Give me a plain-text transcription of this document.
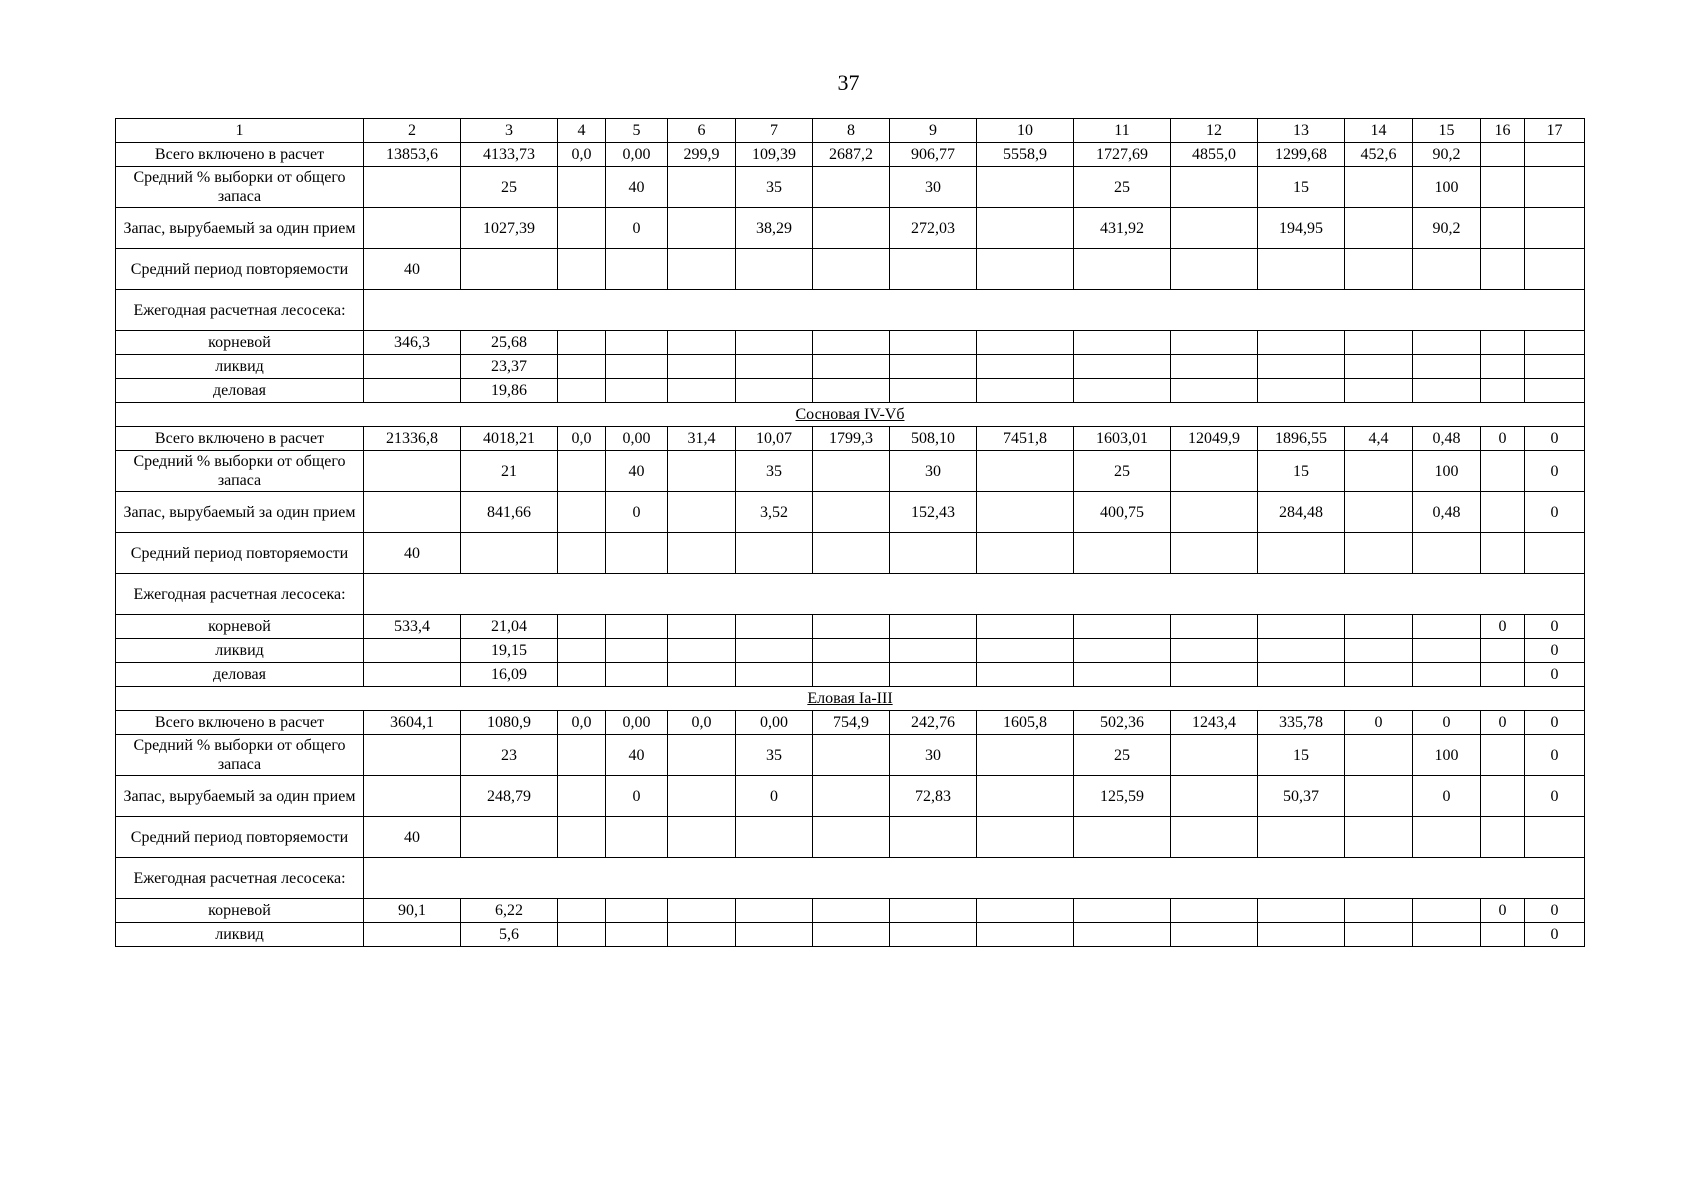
37
1	2	3	4	5	6	7	8	9	10	11	12	13	14	15	16	17
Всего включено в расчет	13853,6	4133,73	0,0	0,00	299,9	109,39	2687,2	906,77	5558,9	1727,69	4855,0	1299,68	452,6	90,2		
Средний % выборки от общего запаса		25		40		35		30		25		15		100		
Запас, вырубаемый за один прием		1027,39		0		38,29		272,03		431,92		194,95		90,2		
Средний период повторяемости	40															
Ежегодная расчетная лесосека:																
корневой	346,3	25,68														
ликвид		23,37														
деловая		19,86														
Сосновая IV-Vб																
Всего включено в расчет	21336,8	4018,21	0,0	0,00	31,4	10,07	1799,3	508,10	7451,8	1603,01	12049,9	1896,55	4,4	0,48	0	0
Средний % выборки от общего запаса		21		40		35		30		25		15		100		0
Запас, вырубаемый за один прием		841,66		0		3,52		152,43		400,75		284,48		0,48		0
Средний период повторяемости	40															
Ежегодная расчетная лесосека:																
корневой	533,4	21,04													0	0
ликвид		19,15														0
деловая		16,09														0
Еловая Ia-III																
Всего включено в расчет	3604,1	1080,9	0,0	0,00	0,0	0,00	754,9	242,76	1605,8	502,36	1243,4	335,78	0	0	0	0
Средний % выборки от общего запаса		23		40		35		30		25		15		100		0
Запас, вырубаемый за один прием		248,79		0		0		72,83		125,59		50,37		0		0
Средний период повторяемости	40															
Ежегодная расчетная лесосека:																
корневой	90,1	6,22													0	0
ликвид		5,6														0
